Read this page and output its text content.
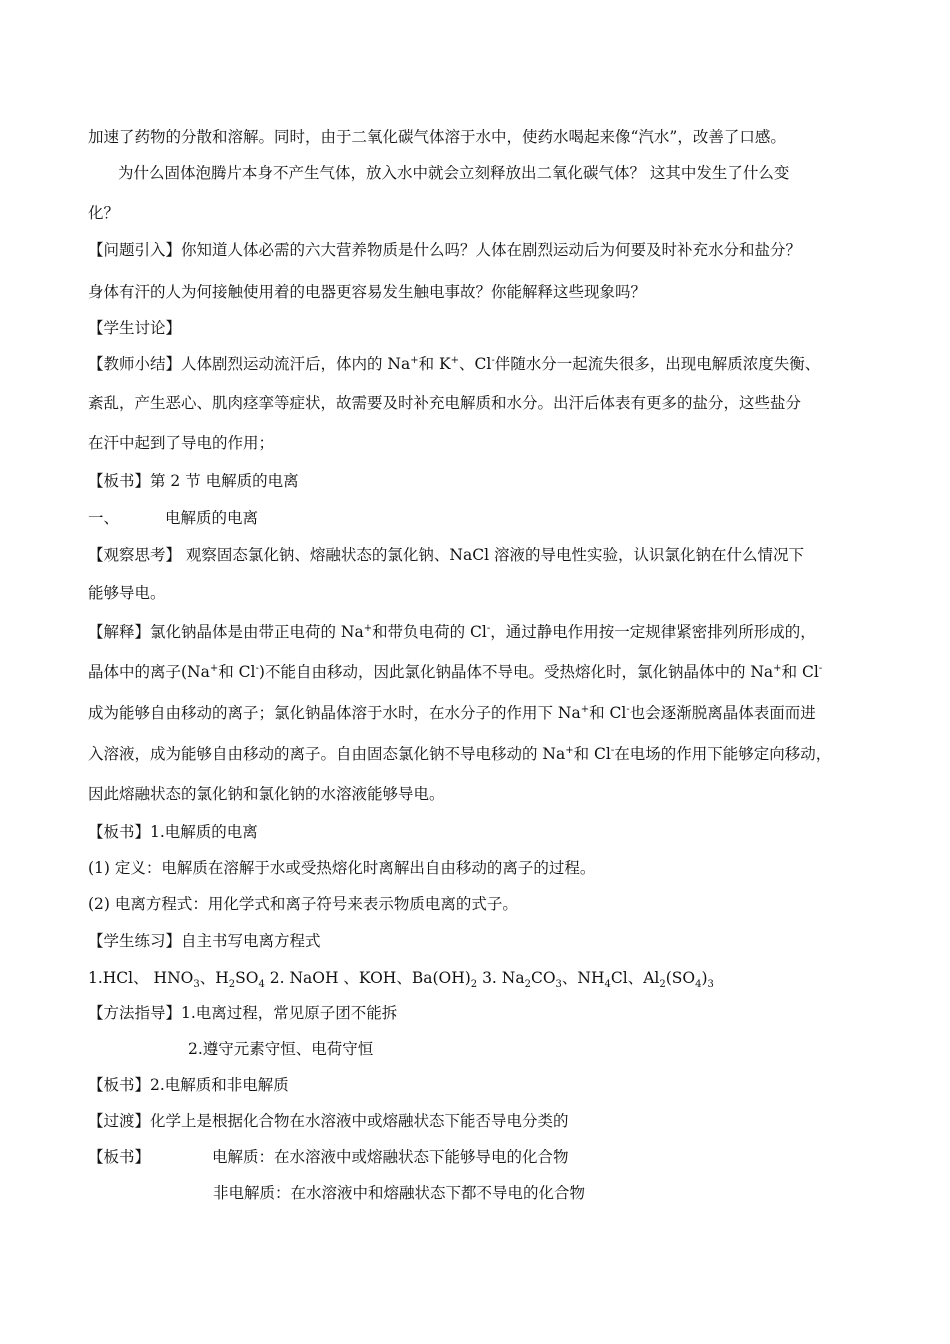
加速了药物的分散和溶解。同时，由于二氧化碳气体溶于水中，使药水喝起来像“汽水”，改善了口感。
为什么固体泡腾片本身不产生气体，放入水中就会立刻释放出二氧化碳气体？ 这其中发生了什么变
化？
【问题引入】你知道人体必需的六大营养物质是什么吗？人体在剧烈运动后为何要及时补充水分和盐分？
身体有汗的人为何接触使用着的电器更容易发生触电事故？你能解释这些现象吗？
【学生讨论】
【教师小结】人体剧烈运动流汗后，体内的 Na+和 K+、Cl-伴随水分一起流失很多，出现电解质浓度失衡、
紊乱，产生恶心、肌肉痉挛等症状，故需要及时补充电解质和水分。出汗后体表有更多的盐分，这些盐分
在汗中起到了导电的作用；
【板书】第 2 节 电解质的电离
一、	电解质的电离
【观察思考】 观察固态氯化钠、熔融状态的氯化钠、NaCl 溶液的导电性实验，认识氯化钠在什么情况下
能够导电。
【解释】氯化钠晶体是由带正电荷的 Na+和带负电荷的 Cl-，通过静电作用按一定规律紧密排列所形成的，
晶体中的离子(Na+和 Cl-)不能自由移动，因此氯化钠晶体不导电。受热熔化时，氯化钠晶体中的 Na+和 Cl-
成为能够自由移动的离子；氯化钠晶体溶于水时，在水分子的作用下 Na+和 Cl-也会逐渐脱离晶体表面而进
入溶液，成为能够自由移动的离子。自由固态氯化钠不导电移动的 Na+和 Cl-在电场的作用下能够定向移动，
因此熔融状态的氯化钠和氯化钠的水溶液能够导电。
【板书】1.电解质的电离
(1) 定义：电解质在溶解于水或受热熔化时离解出自由移动的离子的过程。
(2) 电离方程式：用化学式和离子符号来表示物质电离的式子。
【学生练习】自主书写电离方程式
1.HCl、 $HNO_3$、$H_2SO_4$ 2. NaOH 、KOH、$Ba(OH)_2$ 3. $Na_2CO_3$、$NH_4Cl$、$Al_2(SO_4)_3$
【方法指导】1.电离过程，常见原子团不能拆
2.遵守元素守恒、电荷守恒
【板书】2.电解质和非电解质
【过渡】化学上是根据化合物在水溶液中或熔融状态下能否导电分类的
【板书】	电解质：在水溶液中或熔融状态下能够导电的化合物
非电解质：在水溶液中和熔融状态下都不导电的化合物
